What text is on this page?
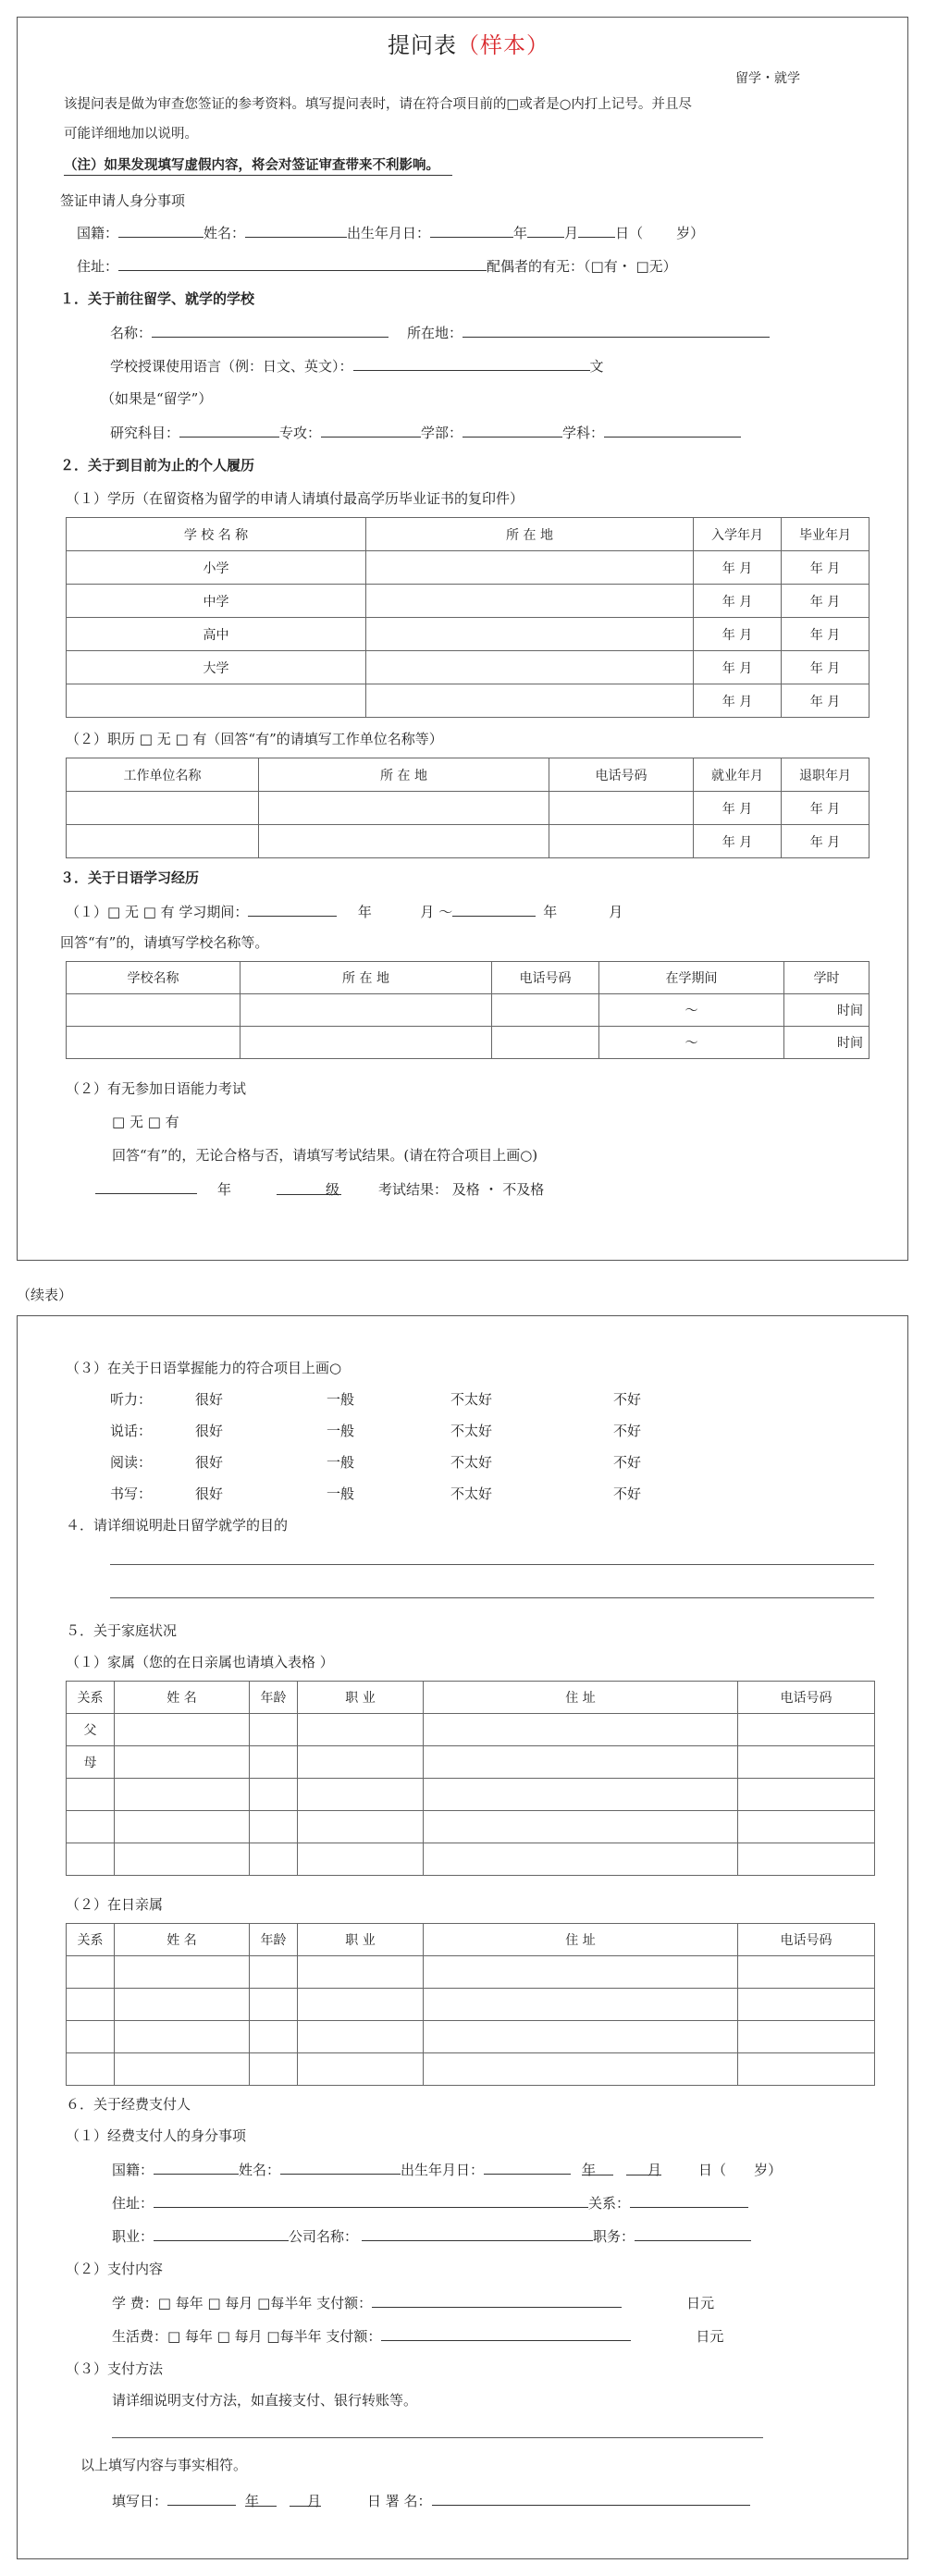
提问表（样本）
留学・就学
该提问表是做为审查您签证的参考资料。填写提问表时，请在符合项目前的□或者是○内打上记号。并且尽
可能详细地加以说明。
（注）如果发现填写虚假内容，将会对签证审查带来不利影响。
签证申请人身分事项
国籍：	姓名：	出生年月日：	年	月	日（ 岁）
住址：	配偶者的有无：（□有・ □无）
１．关于前往留学、就学的学校
名称：	所在地：
学校授课使用语言（例：日文、英文）：	文
（如果是“留学”）
研究科目：	专攻：	学部：	学科：
２．关于到目前为止的个人履历
（１）学历（在留资格为留学的申请人请填付最高学历毕业证书的复印件）
学 校 名 称	所 在 地	入学年月	毕业年月
小学		年 月	年 月
中学		年 月	年 月
高中		年 月	年 月
大学		年 月	年 月
		年 月	年 月
（２）职历 □ 无 □ 有（回答“有”的请填写工作单位名称等）
工作单位名称	所 在 地	电话号码	就业年月	退职年月
			年 月	年 月
			年 月	年 月
３．关于日语学习经历
（１）□ 无 □ 有 学习期间：	年	月 ～	年	月
回答“有”的，请填写学校名称等。
学校名称	所 在 地	电话号码	在学期间	学时
			～	时间
			～	时间
（２）有无参加日语能力考试
□ 无 □ 有
回答“有”的，无论合格与否，请填写考试结果。(请在符合项目上画○)
年	级	考试结果： 及格 ・ 不及格
（续表）
（３）在关于日语掌握能力的符合项目上画○
听力：	很好	一般	不太好	不好
说话：	很好	一般	不太好	不好
阅读：	很好	一般	不太好	不好
书写：	很好	一般	不太好	不好
４．请详细说明赴日留学就学的目的
５．关于家庭状况
（１）家属（您的在日亲属也请填入表格 ）
关系	姓 名	年龄	职 业	住 址	电话号码
父					
母					

（２）在日亲属
关系	姓 名	年龄	职 业	住 址	电话号码

６．关于经费支付人
（１）经费支付人的身分事项
国籍：	姓名：	出生年月日：	年	月	日（ 岁）
住址：	关系：
职业：	公司名称：	职务：
（２）支付内容
学 费：□ 每年 □ 每月 □每半年 支付额：	日元
生活费：□ 每年 □ 每月 □每半年 支付额：	日元
（３）支付方法
请详细说明支付方法，如直接支付、银行转账等。
以上填写内容与事实相符。
填写日：	年	月	日 署 名：
